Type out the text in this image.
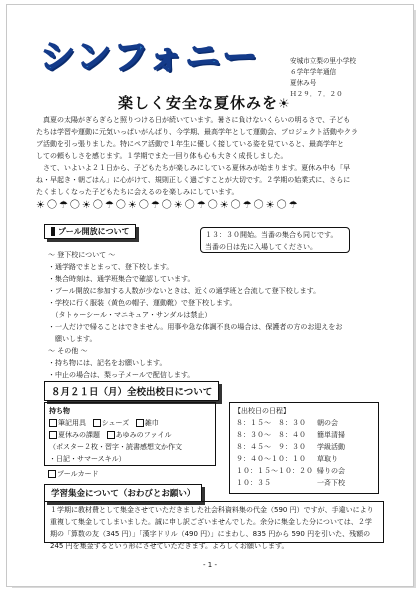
シンフォニー	安城市立梨の里小学校
６学年学年通信
夏休み号
Ｈ２９．７．２０
楽しく安全な夏休みを☀
真夏の太陽がぎらぎらと照りつける日が続いています。暑さに負けないくらいの明るさで、子ども
たちは学習や運動に元気いっぱいがんばり、今学期、最高学年として運動会、プロジェクト活動やクラ
ブ活動を引っ張りました。特にペア活動で１年生に優しく接している姿を見ていると、最高学年と
しての頼もしさを感じます。１学期でまた一回り体も心も大きく成長しました。
さて、いよいよ２１日から、子どもたちが楽しみにしている夏休みが始まります。夏休み中も「早
ね・早起き・朝ごはん」に心がけて、規則正しく過ごすことが大切です。２学期の始業式に、さらに
たくましくなった子どもたちに会えるのを楽しみにしています。
☀〇☂〇☀〇☂〇☀〇☂〇☀〇☂〇☀〇☂〇☀〇☂
プール開放について	１３：３０開始。当番の集合も同じです。
当番の日は先に入場してください。
～ 登下校について ～
・通学路でまとまって、登下校します。
・集合時刻は、通学班集合で確認しています。
・プール開放に参加する人数が少ないときは、近くの通学班と合流して登下校します。
・学校に行く服装（黄色の帽子、運動靴）で登下校します。
　（タトゥーシール・マニキュア・サンダルは禁止）
・一人だけで帰ることはできません。用事や急な体調不良の場合は、保護者の方のお迎えをお
　願いします。
～ その他 ～
・持ち物には、記名をお願いします。
・中止の場合は、梨っ子メールで配信します。
８月２１日（月）全校出校日について
持ち物
筆記用具 シューズ 雑巾
夏休みの課題 あゆみのファイル
（ポスター２枚・習字・読書感想文か作文
・日記・サマースキル）
プールカード
【出校日の日程】
８：１５～　８：３０	朝の会
８：３０～　８：４０	簡単清掃
８：４５～　９：３０	学級活動
９：４０～１０：１０	草取り
１０：１５～１０：２０	帰りの会
１０：３５	一斉下校
学習集金について（おわびとお願い）
１学期に教材費として集金させていただきました社会科資料集の代金（590 円）ですが、手違いにより重複して集金してしまいました。誠に申し訳ございませんでした。余分に集金した分については、２学期の「算数の友（345 円）」「漢字ドリル（490 円）」にまわし、835 円から 590 円を引いた、残額の 245 円を集金するという形にさせていただきます。よろしくお願いします。
- 1 -
